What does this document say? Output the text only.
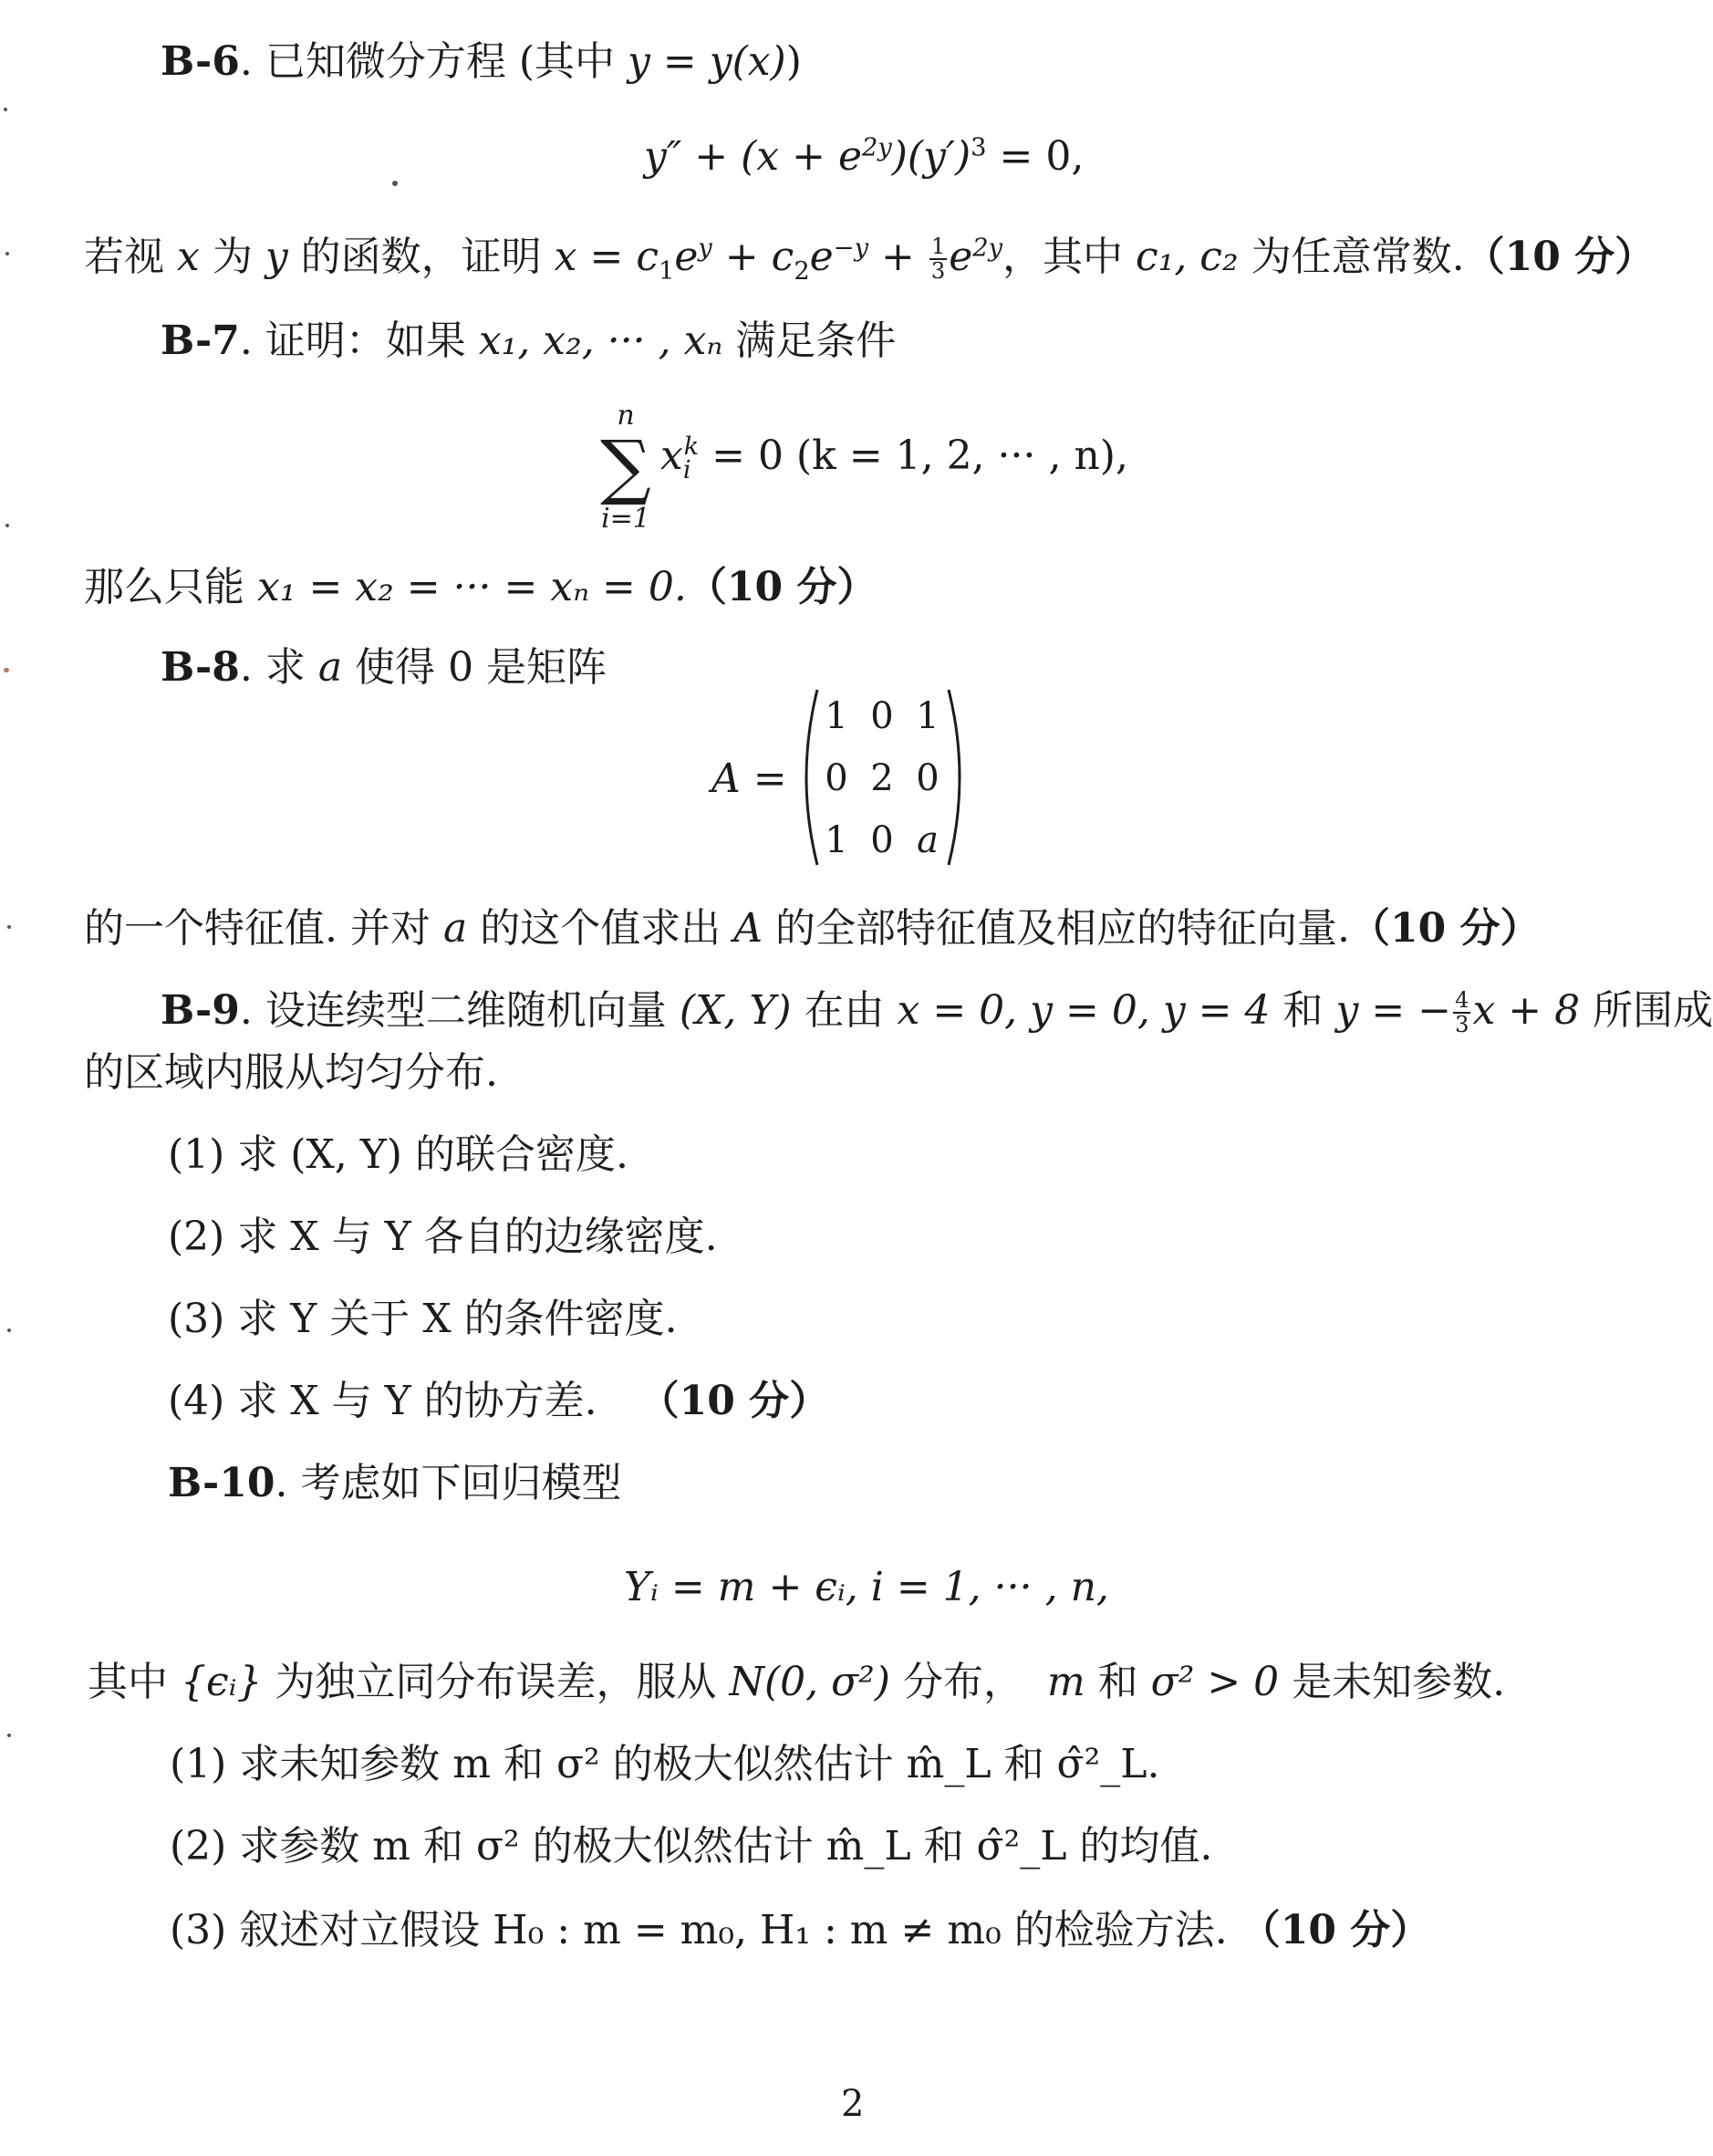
B-6. 已知微分方程 (其中 y = y(x))
$y'' + (x + e^{2y})(y')^3 = 0$,
若视 x 为 y 的函数，证明 $x = c_1e^y + c_2e^{-y} + \frac{1}{3} e^{2y}$，其中 c₁, c₂ 为任意常数.（10 分）
B-7. 证明：如果 x₁, x₂, ··· , xₙ 满足条件
n
∑
i=1
$x_i^k = 0$ (k = 1, 2, ··· , n),
那么只能 x₁ = x₂ = ··· = xₙ = 0.（10 分）
B-8. 求 a 使得 0 是矩阵
A =
1 0 1
0 2 0
1 0 a
的一个特征值. 并对 a 的这个值求出 A 的全部特征值及相应的特征向量.（10 分）
B-9. 设连续型二维随机向量 (X, Y) 在由 x = 0, y = 0, y = 4 和 y = − $\frac{4}{3}$ x + 8 所围成
的区域内服从均匀分布.
(1) 求 (X, Y) 的联合密度.
(2) 求 X 与 Y 各自的边缘密度.
(3) 求 Y 关于 X 的条件密度.
(4) 求 X 与 Y 的协方差. （10 分）
B-10. 考虑如下回归模型
Yᵢ = m + ϵᵢ, i = 1, ··· , n,
其中 {ϵᵢ} 为独立同分布误差，服从 N(0, σ²) 分布， m 和 σ² > 0 是未知参数.
(1) 求未知参数 m 和 σ² 的极大似然估计 m̂_L 和 σ̂²_L.
(2) 求参数 m 和 σ² 的极大似然估计 m̂_L 和 σ̂²_L 的均值.
(3) 叙述对立假设 H₀ : m = m₀, H₁ : m ≠ m₀ 的检验方法. （10 分）
2
